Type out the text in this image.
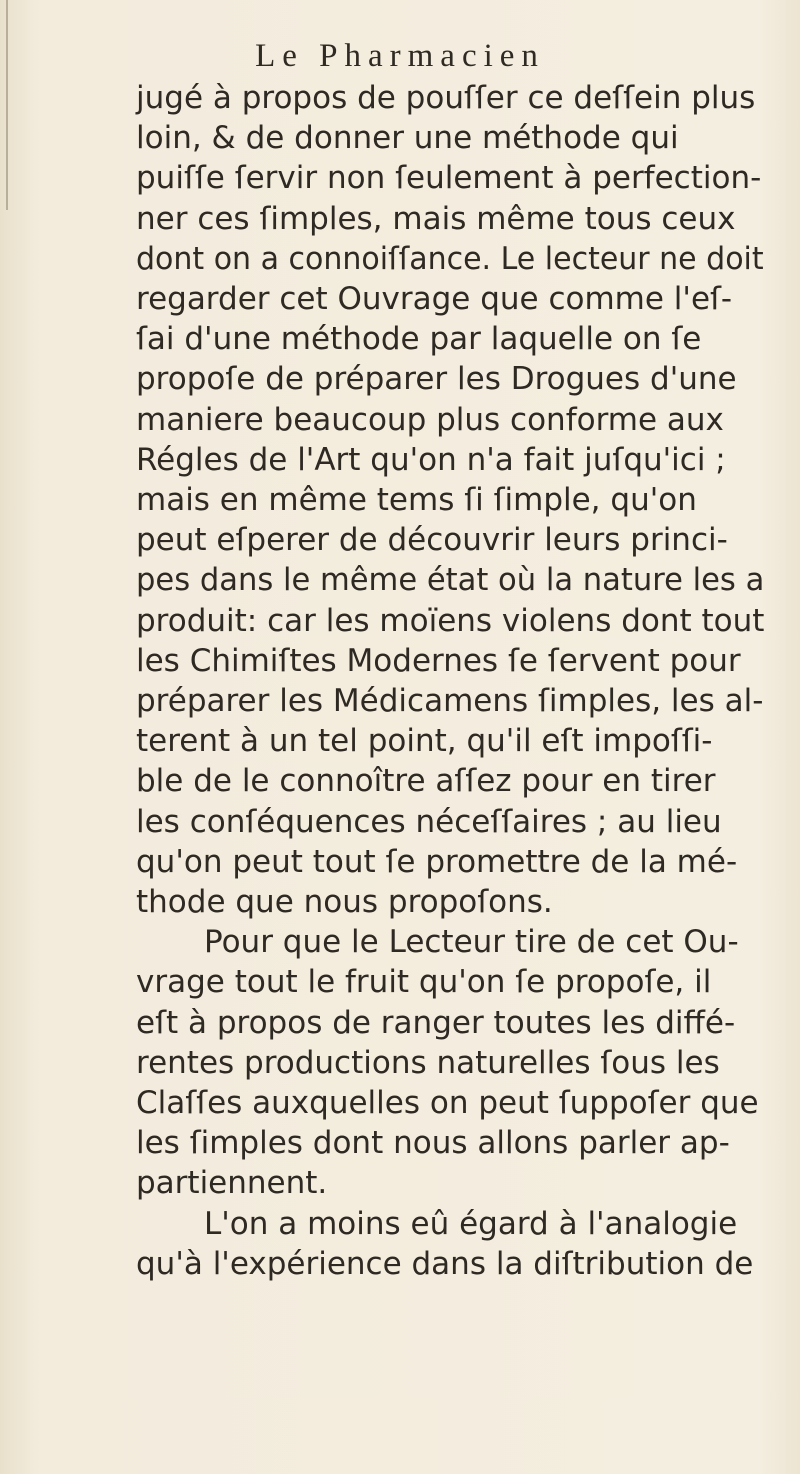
Le Pharmacien
jugé à propos de pouſſer ce deſſein plus
loin, & de donner une méthode qui
puiſſe ſervir non ſeulement à perfection-
ner ces ſimples, mais même tous ceux
dont on a connoiſſance. Le lecteur ne doit
regarder cet Ouvrage que comme l'eſ-
ſai d'une méthode par laquelle on ſe
propoſe de préparer les Drogues d'une
maniere beaucoup plus conforme aux
Régles de l'Art qu'on n'a fait juſqu'ici ;
mais en même tems ſi ſimple, qu'on
peut eſperer de découvrir leurs princi-
pes dans le même état où la nature les a
produit: car les moïens violens dont tout
les Chimiſtes Modernes ſe ſervent pour
préparer les Médicamens ſimples, les al-
terent à un tel point, qu'il eſt impoſſi-
ble de le connoître aſſez pour en tirer
les conſéquences néceſſaires ; au lieu
qu'on peut tout ſe promettre de la mé-
thode que nous propoſons.
Pour que le Lecteur tire de cet Ou-
vrage tout le fruit qu'on ſe propoſe, il
eſt à propos de ranger toutes les diffé-
rentes productions naturelles ſous les
Claſſes auxquelles on peut ſuppoſer que
les ſimples dont nous allons parler ap-
partiennent.
L'on a moins eû égard à l'analogie
qu'à l'expérience dans la diſtribution de
